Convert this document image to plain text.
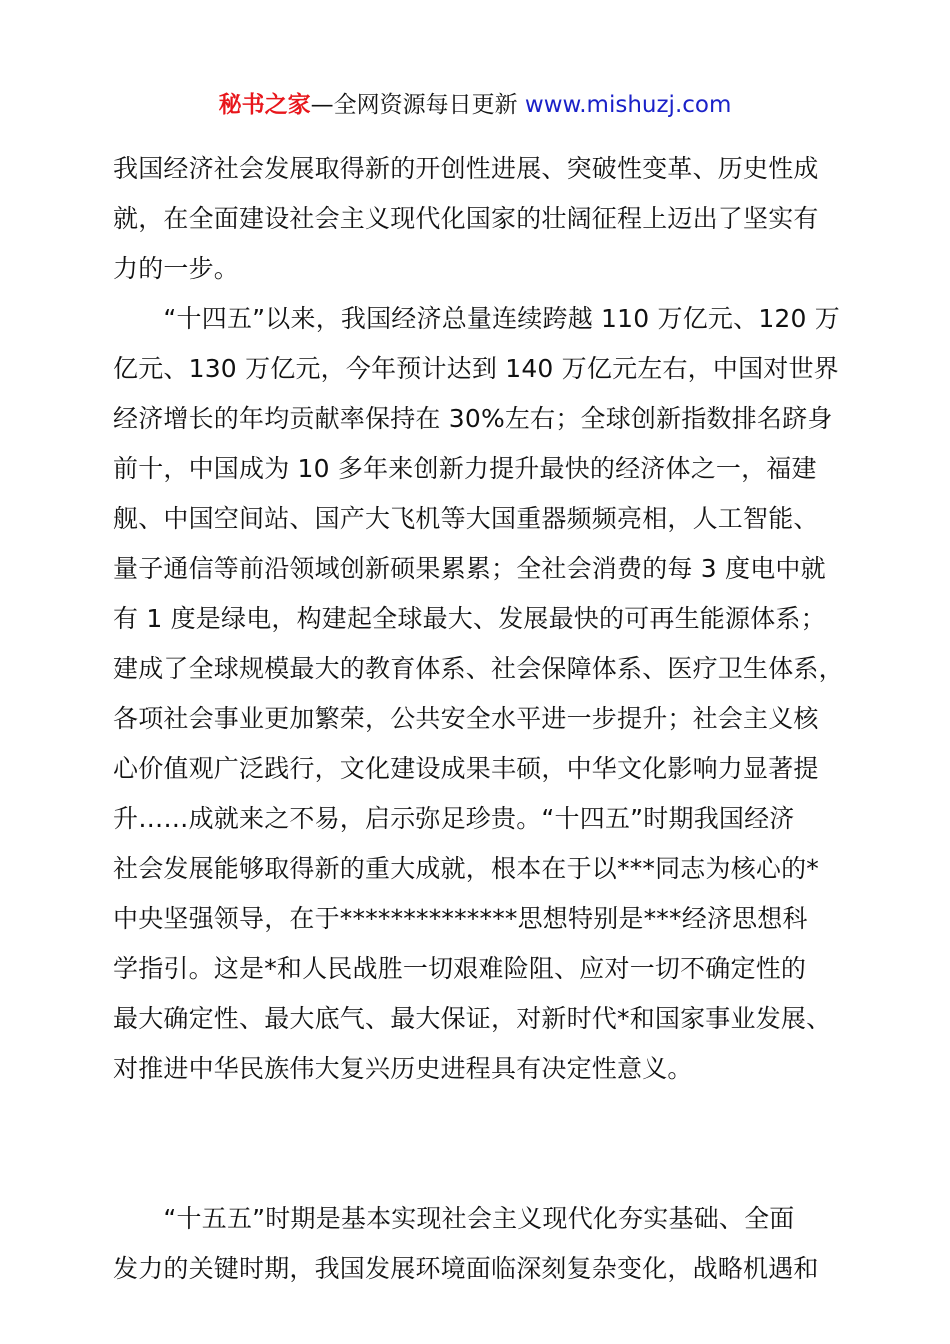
秘书之家—全网资源每日更新 www.mishuzj.com
我国经济社会发展取得新的开创性进展、突破性变革、历史性成
就，在全面建设社会主义现代化国家的壮阔征程上迈出了坚实有
力的一步。
　　“十四五”以来，我国经济总量连续跨越 110 万亿元、120 万
亿元、130 万亿元，今年预计达到 140 万亿元左右，中国对世界
经济增长的年均贡献率保持在 30%左右；全球创新指数排名跻身
前十，中国成为 10 多年来创新力提升最快的经济体之一，福建
舰、中国空间站、国产大飞机等大国重器频频亮相，人工智能、
量子通信等前沿领域创新硕果累累；全社会消费的每 3 度电中就
有 1 度是绿电，构建起全球最大、发展最快的可再生能源体系；
建成了全球规模最大的教育体系、社会保障体系、医疗卫生体系，
各项社会事业更加繁荣，公共安全水平进一步提升；社会主义核
心价值观广泛践行，文化建设成果丰硕，中华文化影响力显著提
升……成就来之不易，启示弥足珍贵。“十四五”时期我国经济
社会发展能够取得新的重大成就，根本在于以***同志为核心的*
中央坚强领导，在于**************思想特别是***经济思想科
学指引。这是*和人民战胜一切艰难险阻、应对一切不确定性的
最大确定性、最大底气、最大保证，对新时代*和国家事业发展、
对推进中华民族伟大复兴历史进程具有决定性意义。
　　“十五五”时期是基本实现社会主义现代化夯实基础、全面
发力的关键时期，我国发展环境面临深刻复杂变化，战略机遇和
